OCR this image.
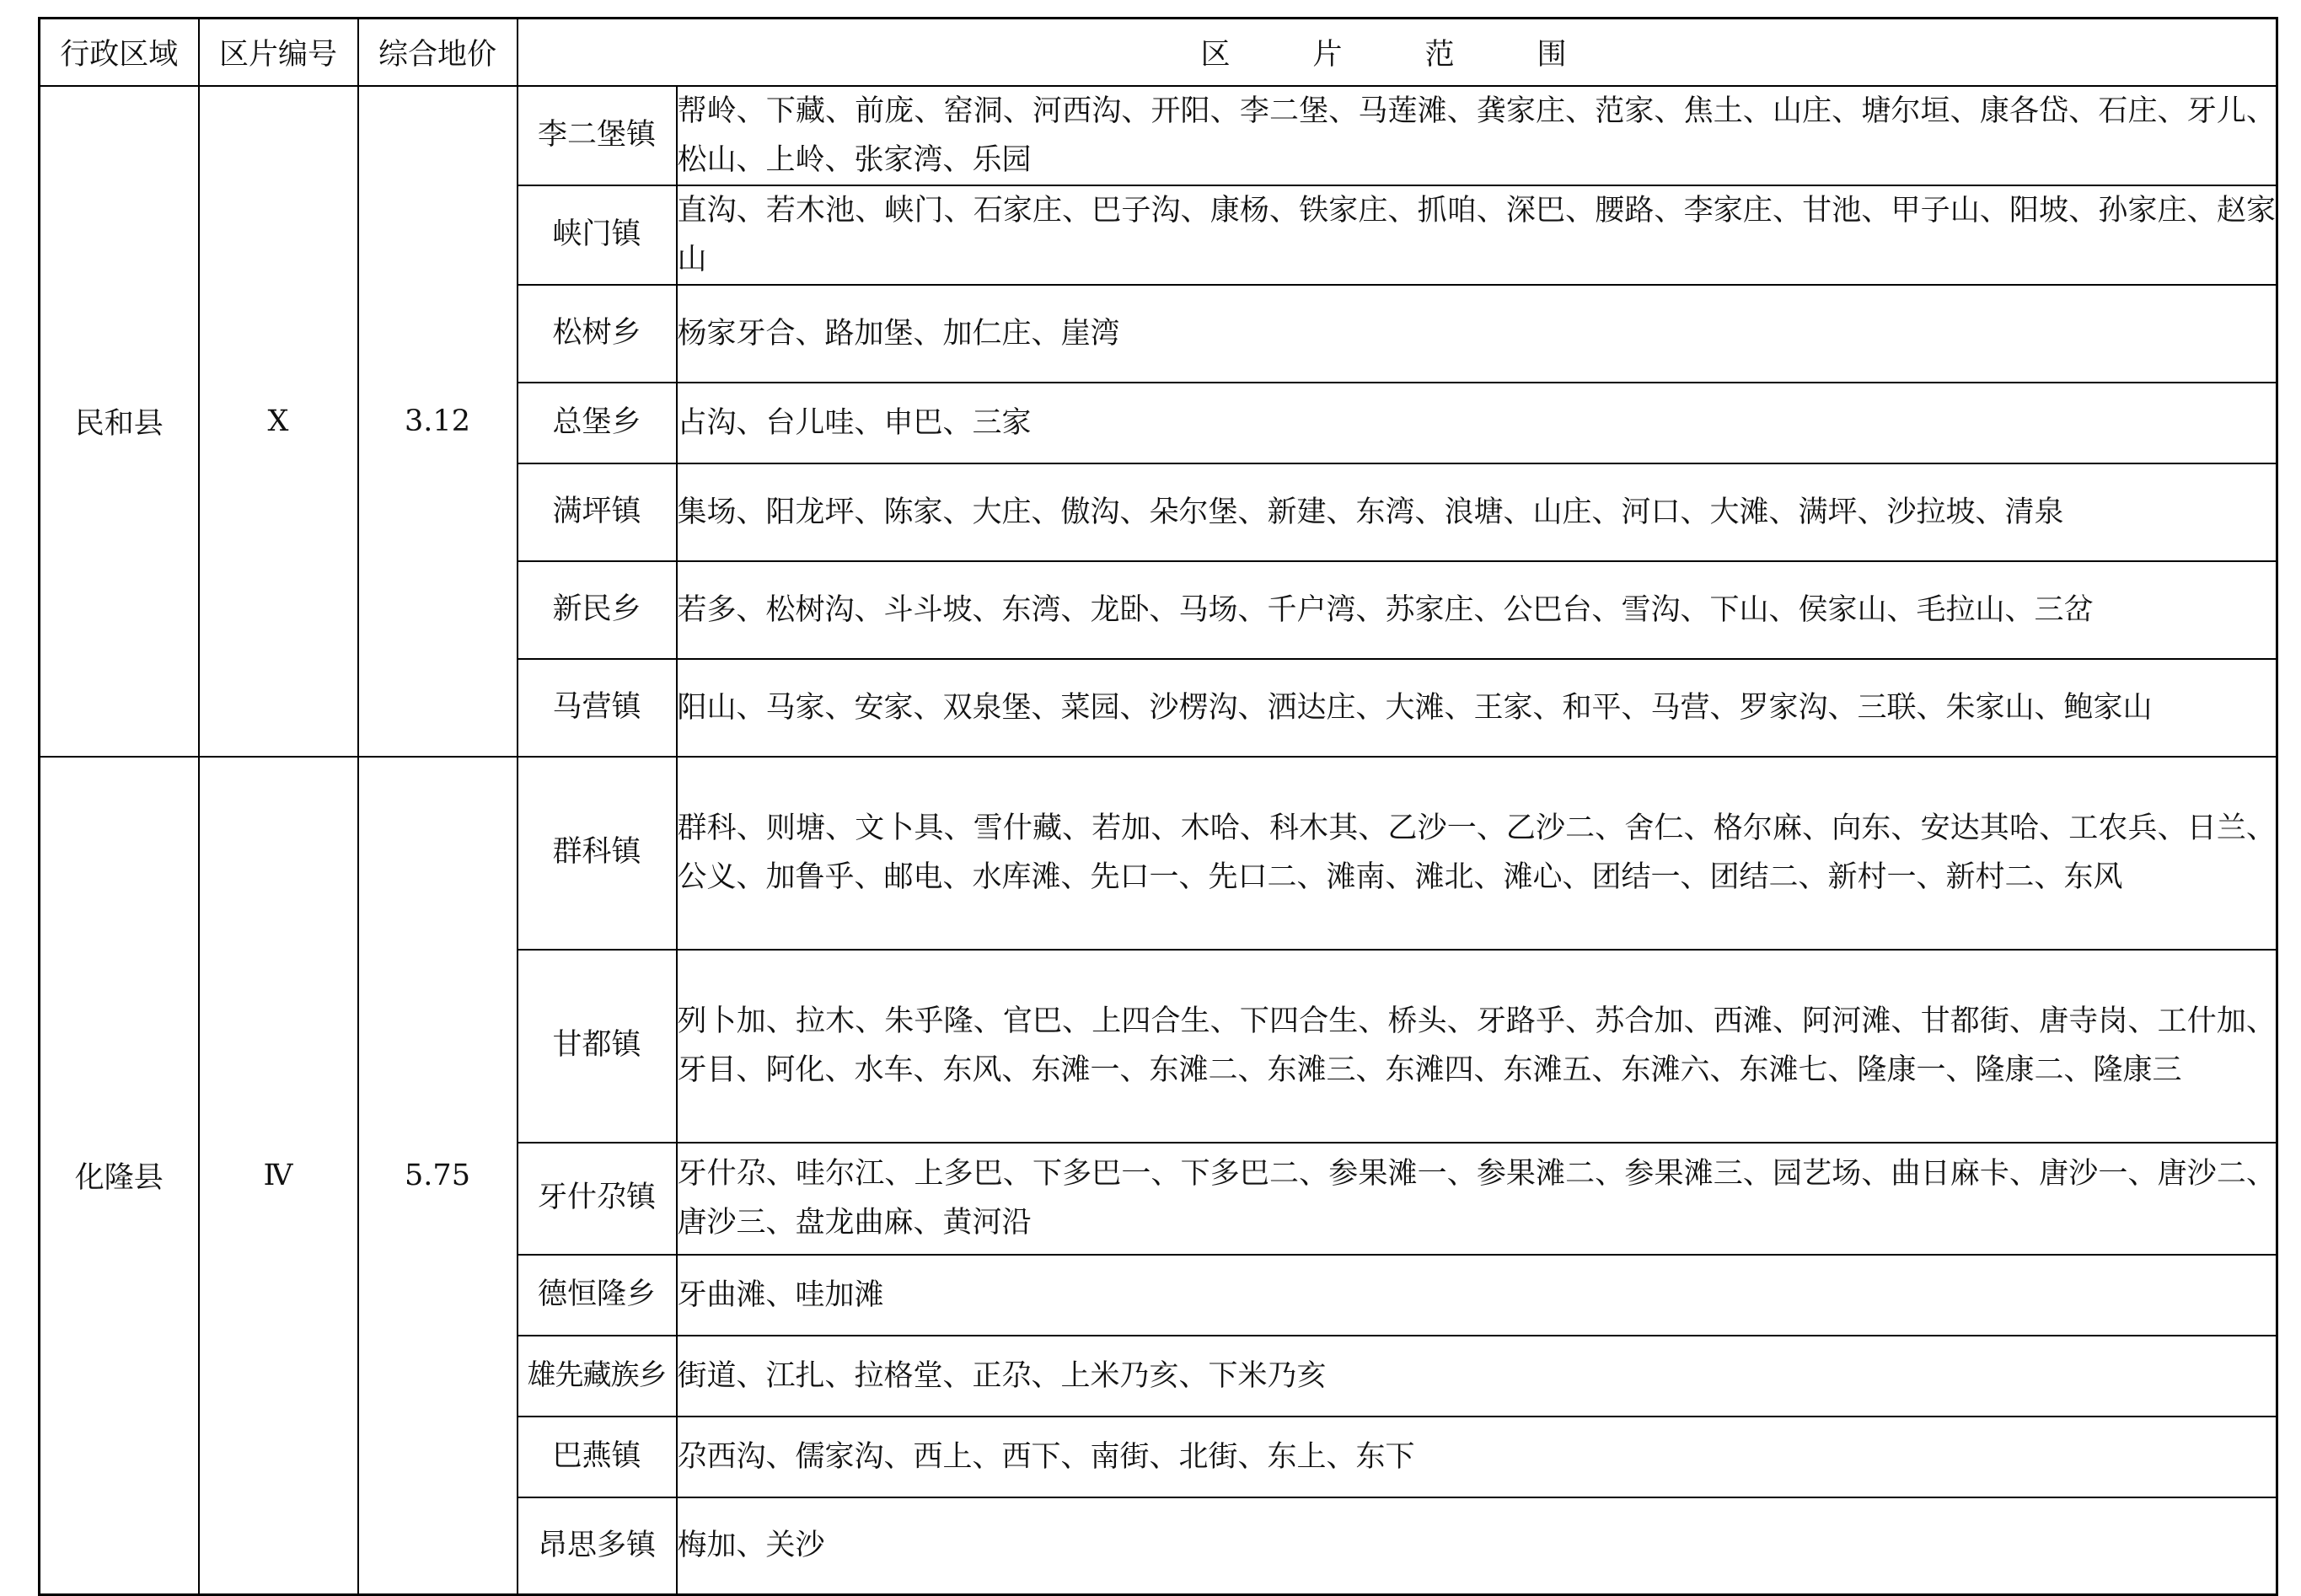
行政区域	区片编号	综合地价	区　片　范　围	
民和县	Ⅹ	3.12	李二堡镇	帮岭、下藏、前庞、窑洞、河西沟、开阳、李二堡、马莲滩、龚家庄、范家、焦土、山庄、塘尔垣、康各岱、石庄、牙儿、松山、上岭、张家湾、乐园
			峡门镇	直沟、若木池、峡门、石家庄、巴子沟、康杨、铁家庄、抓咱、深巴、腰路、李家庄、甘池、甲子山、阳坡、孙家庄、赵家山
			松树乡	杨家牙合、路加堡、加仁庄、崖湾
			总堡乡	占沟、台儿哇、申巴、三家
			满坪镇	集场、阳龙坪、陈家、大庄、傲沟、朵尔堡、新建、东湾、浪塘、山庄、河口、大滩、满坪、沙拉坡、清泉
			新民乡	若多、松树沟、斗斗坡、东湾、龙卧、马场、千户湾、苏家庄、公巴台、雪沟、下山、侯家山、毛拉山、三岔
			马营镇	阳山、马家、安家、双泉堡、菜园、沙楞沟、洒达庄、大滩、王家、和平、马营、罗家沟、三联、朱家山、鲍家山
化隆县	Ⅳ	5.75	群科镇	群科、则塘、文卜具、雪什藏、若加、木哈、科木其、乙沙一、乙沙二、舍仁、格尔麻、向东、安达其哈、工农兵、日兰、公义、加鲁乎、邮电、水库滩、先口一、先口二、滩南、滩北、滩心、团结一、团结二、新村一、新村二、东风
			甘都镇	列卜加、拉木、朱乎隆、官巴、上四合生、下四合生、桥头、牙路乎、苏合加、西滩、阿河滩、甘都街、唐寺岗、工什加、牙目、阿化、水车、东风、东滩一、东滩二、东滩三、东滩四、东滩五、东滩六、东滩七、隆康一、隆康二、隆康三
			牙什尕镇	牙什尕、哇尔江、上多巴、下多巴一、下多巴二、参果滩一、参果滩二、参果滩三、园艺场、曲日麻卡、唐沙一、唐沙二、唐沙三、盘龙曲麻、黄河沿
			德恒隆乡	牙曲滩、哇加滩
			雄先藏族乡	街道、江扎、拉格堂、正尕、上米乃亥、下米乃亥
			巴燕镇	尕西沟、儒家沟、西上、西下、南街、北街、东上、东下
			昂思多镇	梅加、关沙
